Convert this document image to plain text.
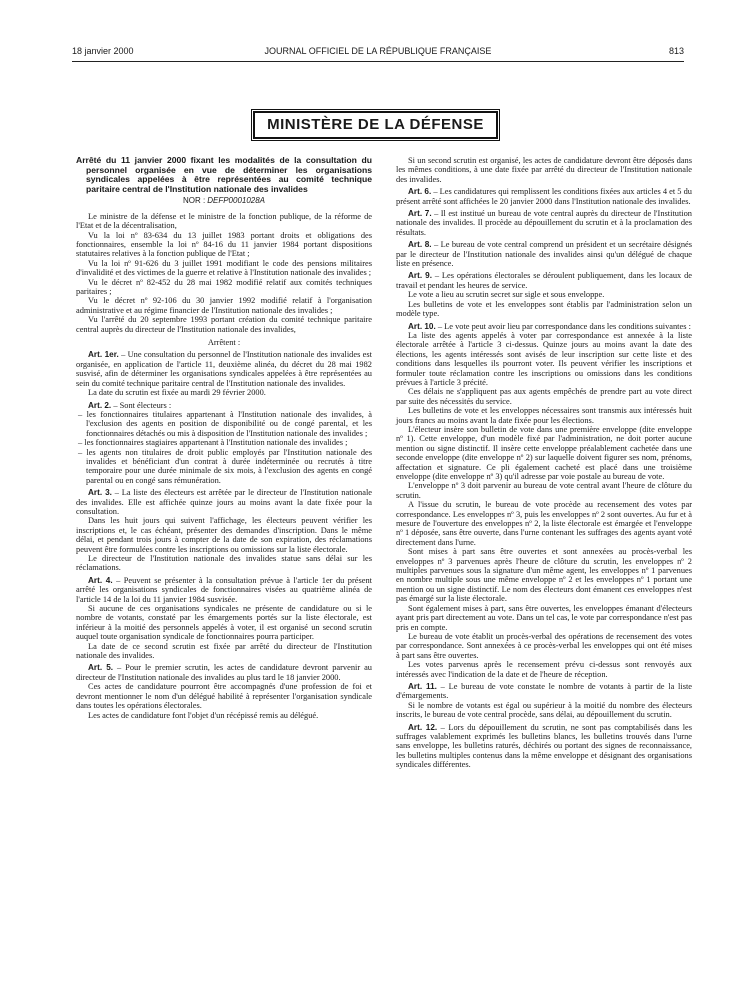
18 janvier 2000	JOURNAL OFFICIEL DE LA RÉPUBLIQUE FRANÇAISE	813
MINISTÈRE DE LA DÉFENSE

Arrêté du 11 janvier 2000 fixant les modalités de la consultation du personnel organisée en vue de déterminer les organisations syndicales appelées à être représentées au comité technique paritaire central de l'Institution nationale des invalides

NOR : DEFP0001028A

Le ministre de la défense et le ministre de la fonction publique, de la réforme de l'Etat et de la décentralisation,

Vu la loi nº 83-634 du 13 juillet 1983 portant droits et obligations des fonctionnaires, ensemble la loi nº 84-16 du 11 janvier 1984 portant dispositions statutaires relatives à la fonction publique de l'Etat ;

Vu la loi nº 91-626 du 3 juillet 1991 modifiant le code des pensions militaires d'invalidité et des victimes de la guerre et relative à l'Institution nationale des invalides ;

Vu le décret nº 82-452 du 28 mai 1982 modifié relatif aux comités techniques paritaires ;

Vu le décret nº 92-106 du 30 janvier 1992 modifié relatif à l'organisation administrative et au régime financier de l'Institution nationale des invalides ;

Vu l'arrêté du 20 septembre 1993 portant création du comité technique paritaire central auprès du directeur de l'Institution nationale des invalides,

Arrêtent :

Art. 1er. – Une consultation du personnel de l'Institution nationale des invalides est organisée, en application de l'article 11, deuxième alinéa, du décret du 28 mai 1982 susvisé, afin de déterminer les organisations syndicales appelées à être représentées au sein du comité technique paritaire central de l'Institution nationale des invalides.

La date du scrutin est fixée au mardi 29 février 2000.

Art. 2. – Sont électeurs :

– les fonctionnaires titulaires appartenant à l'Institution nationale des invalides, à l'exclusion des agents en position de disponibilité ou de congé parental, et les fonctionnaires détachés ou mis à disposition de l'Institution nationale des invalides ;

– les fonctionnaires stagiaires appartenant à l'Institution nationale des invalides ;

– les agents non titulaires de droit public employés par l'Institution nationale des invalides et bénéficiant d'un contrat à durée indéterminée ou recrutés à titre temporaire pour une durée minimale de six mois, à l'exclusion des agents en congé parental ou en congé sans rémunération.

Art. 3. – La liste des électeurs est arrêtée par le directeur de l'Institution nationale des invalides. Elle est affichée quinze jours au moins avant la date fixée pour la consultation.

Dans les huit jours qui suivent l'affichage, les électeurs peuvent vérifier les inscriptions et, le cas échéant, présenter des demandes d'inscription. Dans le même délai, et pendant trois jours à compter de la date de son expiration, des réclamations peuvent être formulées contre les inscriptions ou omissions sur la liste électorale.

Le directeur de l'Institution nationale des invalides statue sans délai sur les réclamations.

Art. 4. – Peuvent se présenter à la consultation prévue à l'article 1er du présent arrêté les organisations syndicales de fonctionnaires visées au quatrième alinéa de l'article 14 de la loi du 11 janvier 1984 susvisée.

Si aucune de ces organisations syndicales ne présente de candidature ou si le nombre de votants, constaté par les émargements portés sur la liste électorale, est inférieur à la moitié des personnels appelés à voter, il est organisé un second scrutin auquel toute organisation syndicale de fonctionnaires pourra participer.

La date de ce second scrutin est fixée par arrêté du directeur de l'Institution nationale des invalides.

Art. 5. – Pour le premier scrutin, les actes de candidature devront parvenir au directeur de l'Institution nationale des invalides au plus tard le 18 janvier 2000.

Ces actes de candidature pourront être accompagnés d'une profession de foi et devront mentionner le nom d'un délégué habilité à représenter l'organisation syndicale dans toutes les opérations électorales.

Les actes de candidature font l'objet d'un récépissé remis au délégué.

Si un second scrutin est organisé, les actes de candidature devront être déposés dans les mêmes conditions, à une date fixée par arrêté du directeur de l'Institution nationale des invalides.

Art. 6. – Les candidatures qui remplissent les conditions fixées aux articles 4 et 5 du présent arrêté sont affichées le 20 janvier 2000 dans l'Institution nationale des invalides.

Art. 7. – Il est institué un bureau de vote central auprès du directeur de l'Institution nationale des invalides. Il procède au dépouillement du scrutin et à la proclamation des résultats.

Art. 8. – Le bureau de vote central comprend un président et un secrétaire désignés par le directeur de l'Institution nationale des invalides ainsi qu'un délégué de chaque liste en présence.

Art. 9. – Les opérations électorales se déroulent publiquement, dans les locaux de travail et pendant les heures de service.

Le vote a lieu au scrutin secret sur sigle et sous enveloppe.

Les bulletins de vote et les enveloppes sont établis par l'administration selon un modèle type.

Art. 10. – Le vote peut avoir lieu par correspondance dans les conditions suivantes :

La liste des agents appelés à voter par correspondance est annexée à la liste électorale arrêtée à l'article 3 ci-dessus. Quinze jours au moins avant la date des élections, les agents intéressés sont avisés de leur inscription sur cette liste et des conditions dans lesquelles ils pourront voter. Ils peuvent vérifier les inscriptions et formuler toute réclamation contre les inscriptions ou omissions dans les conditions prévues à l'article 3 précité.

Ces délais ne s'appliquent pas aux agents empêchés de prendre part au vote direct par suite des nécessités du service.

Les bulletins de vote et les enveloppes nécessaires sont transmis aux intéressés huit jours francs au moins avant la date fixée pour les élections.

L'électeur insère son bulletin de vote dans une première enveloppe (dite enveloppe nº 1). Cette enveloppe, d'un modèle fixé par l'administration, ne doit porter aucune mention ou signe distinctif. Il insère cette enveloppe préalablement cachetée dans une seconde enveloppe (dite enveloppe nº 2) sur laquelle doivent figurer ses nom, prénoms, affectation et signature. Ce pli également cacheté est placé dans une troisième enveloppe (dite enveloppe nº 3) qu'il adresse par voie postale au bureau de vote.

L'enveloppe nº 3 doit parvenir au bureau de vote central avant l'heure de clôture du scrutin.

A l'issue du scrutin, le bureau de vote procède au recensement des votes par correspondance. Les enveloppes nº 3, puis les enveloppes nº 2 sont ouvertes. Au fur et à mesure de l'ouverture des enveloppes nº 2, la liste électorale est émargée et l'enveloppe nº 1 déposée, sans être ouverte, dans l'urne contenant les suffrages des agents ayant voté directement dans l'urne.

Sont mises à part sans être ouvertes et sont annexées au procès-verbal les enveloppes nº 3 parvenues après l'heure de clôture du scrutin, les enveloppes nº 2 multiples parvenues sous la signature d'un même agent, les enveloppes nº 1 parvenues en nombre multiple sous une même enveloppe nº 2 et les enveloppes nº 1 portant une mention ou un signe distinctif. Le nom des électeurs dont émanent ces enveloppes n'est pas émargé sur la liste électorale.

Sont également mises à part, sans être ouvertes, les enveloppes émanant d'électeurs ayant pris part directement au vote. Dans un tel cas, le vote par correspondance n'est pas pris en compte.

Le bureau de vote établit un procès-verbal des opérations de recensement des votes par correspondance. Sont annexées à ce procès-verbal les enveloppes qui ont été mises à part sans être ouvertes.

Les votes parvenus après le recensement prévu ci-dessus sont renvoyés aux intéressés avec l'indication de la date et de l'heure de réception.

Art. 11. – Le bureau de vote constate le nombre de votants à partir de la liste d'émargements.

Si le nombre de votants est égal ou supérieur à la moitié du nombre des électeurs inscrits, le bureau de vote central procède, sans délai, au dépouillement du scrutin.

Art. 12. – Lors du dépouillement du scrutin, ne sont pas comptabilisés dans les suffrages valablement exprimés les bulletins blancs, les bulletins trouvés dans l'urne sans enveloppe, les bulletins raturés, déchirés ou portant des signes de reconnaissance, les bulletins multiples contenus dans la même enveloppe et désignant des organisations syndicales différentes.
